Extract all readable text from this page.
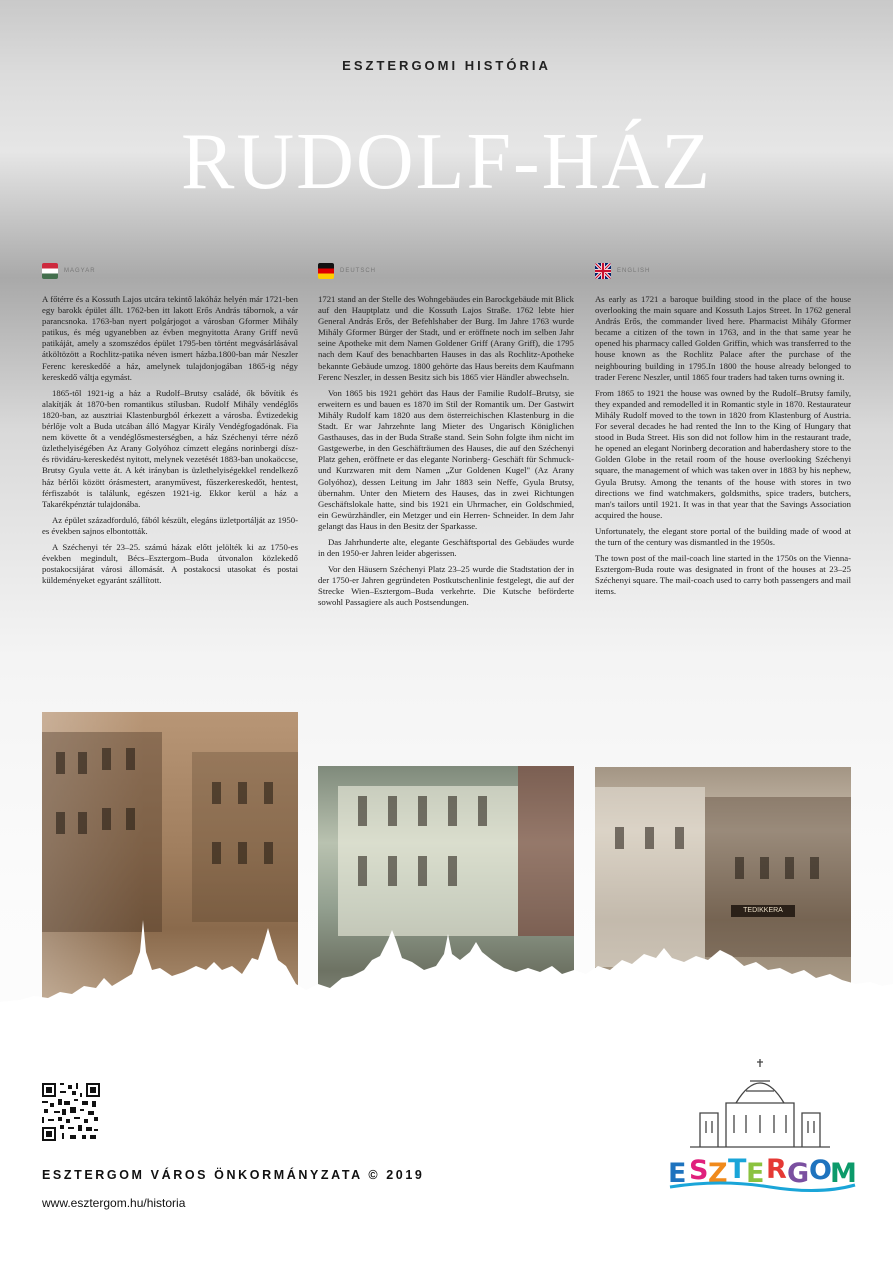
ESZTERGOMI HISTÓRIA
RUDOLF-HÁZ
MAGYAR

A főtérre és a Kossuth Lajos utcára tekintő lakóház helyén már 1721-ben egy barokk épület állt. 1762-ben itt lakott Erős András tábornok, a vár parancsnoka. 1763-ban nyert polgárjogot a városban Gformer Mihály patikus, és még ugyanebben az évben megnyitotta Arany Griff nevű patikáját, amely a szomszédos épület 1795-ben történt megvásárlásával átköltözött a Rochlitz-patika néven ismert házba.1800-ban már Neszler Ferenc kereskedőé a ház, amelynek tulajdonjogában 1865-ig négy kereskedő váltja egymást.

1865-től 1921-ig a ház a Rudolf–Brutsy családé, ők bővítik és alakítják át 1870-ben romantikus stílusban. Rudolf Mihály vendéglős 1820-ban, az ausztriai Klastenburgból érkezett a városba. Évtizedekig bérlője volt a Buda utcában álló Magyar Király Vendégfogadónak. Fia nem követte őt a vendéglősmesterségben, a ház Széchenyi térre néző üzlethelyiségében Az Arany Golyóhoz címzett elegáns norinbergi dísz- és rövidáru-kereskedést nyitott, melynek vezetését 1883-ban unokaöccse, Brutsy Gyula vette át. A két irányban is üzlethelyiségekkel rendelkező ház bérlői között órásmestert, aranyművest, fűszerkereskedőt, hentest, férfiszabót is találunk, egészen 1921-ig. Ekkor kerül a ház a Takarékpénztár tulajdonába.

Az épület századforduló, fából készült, elegáns üzletportálját az 1950-es években sajnos elbontották.

A Széchenyi tér 23–25. számú házak előtt jelölték ki az 1750-es években megindult, Bécs–Esztergom–Buda útvonalon közlekedő postakocsijárat városi állomását. A postakocsi utasokat és postai küldeményeket egyaránt szállított.

DEUTSCH

1721 stand an der Stelle des Wohngebäudes ein Barockgebäude mit Blick auf den Hauptplatz und die Kossuth Lajos Straße. 1762 lebte hier General András Erős, der Befehlshaber der Burg. Im Jahre 1763 wurde Mihály Gformer Bürger der Stadt, und er eröffnete noch im selben Jahr seine Apotheke mit dem Namen Goldener Griff (Arany Griff), die 1795 nach dem Kauf des benachbarten Hauses in das als Rochlitz-Apotheke bekannte Gebäude umzog. 1800 gehörte das Haus bereits dem Kaufmann Ferenc Neszler, in dessen Besitz sich bis 1865 vier Händler abwechseln.

Von 1865 bis 1921 gehört das Haus der Familie Rudolf–Brutsy, sie erweitern es und bauen es 1870 im Stil der Romantik um. Der Gastwirt Mihály Rudolf kam 1820 aus dem österreichischen Klastenburg in die Stadt. Er war Jahrzehnte lang Mieter des Ungarisch Königlichen Gasthauses, das in der Buda Straße stand. Sein Sohn folgte ihm nicht im Gastgewerbe, in den Geschäfträumen des Hauses, die auf den Széchenyi Platz gehen, eröffnete er das elegante Norinberg- Geschäft für Schmuck- und Kurzwaren mit dem Namen „Zur Goldenen Kugel" (Az Arany Golyóhoz), dessen Leitung im Jahr 1883 sein Neffe, Gyula Brutsy, übernahm. Unter den Mietern des Hauses, das in zwei Richtungen Geschäftslokale hatte, sind bis 1921 ein Uhrmacher, ein Goldschmied, ein Gewürzhändler, ein Metzger und ein Herren- Schneider. In dem Jahr gelangt das Haus in den Besitz der Sparkasse.

Das Jahrhunderte alte, elegante Geschäftsportal des Gebäudes wurde in den 1950-er Jahren leider abgerissen.

Vor den Häusern Széchenyi Platz 23–25 wurde die Stadtstation der in der 1750-er Jahren gegründeten Postkutschenlinie festgelegt, die auf der Strecke Wien–Esztergom–Buda verkehrte. Die Kutsche beförderte sowohl Passagiere als auch Postsendungen.

ENGLISH

As early as 1721 a baroque building stood in the place of the house overlooking the main square and Kossuth Lajos Street. In 1762 general András Erős, the commander lived here. Pharmacist Mihály Gformer became a citizen of the town in 1763, and in the that same year he opened his pharmacy called Golden Griffin, which was transferred to the house known as the Rochlitz Palace after the purchase of the neighbouring building in 1795.In 1800 the house already belonged to trader Ferenc Neszler, until 1865 four traders had taken turns owning it.

From 1865 to 1921 the house was owned by the Rudolf–Brutsy family, they expanded and remodelled it in Romantic style in 1870. Restaurateur Mihály Rudolf moved to the town in 1820 from Klastenburg of Austria. For several decades he had rented the Inn to the King of Hungary that stood in Buda Street. His son did not follow him in the restaurant trade, he opened an elegant Norinberg decoration and haberdashery store to the Golden Globe in the retail room of the house overlooking Széchenyi square, the management of which was taken over in 1883 by his nephew, Gyula Brutsy. Among the tenants of the house with stores in two directions we find watchmakers, goldsmiths, spice traders, butchers, man's tailors until 1921. It was in that year that the Savings Association acquired the house.

Unfortunately, the elegant store portal of the building made of wood at the turn of the century was dismantled in the 1950s.

The town post of the mail-coach line started in the 1750s on the Vienna-Esztergom-Buda route was designated in front of the houses at 23–25 Széchenyi square. The mail-coach used to carry both passengers and mail items.

TEDIKKERA
ESZTERGOM VÁROS ÖNKORMÁNYZATA © 2019
www.esztergom.hu/historia
E S Z T E R G O
M
